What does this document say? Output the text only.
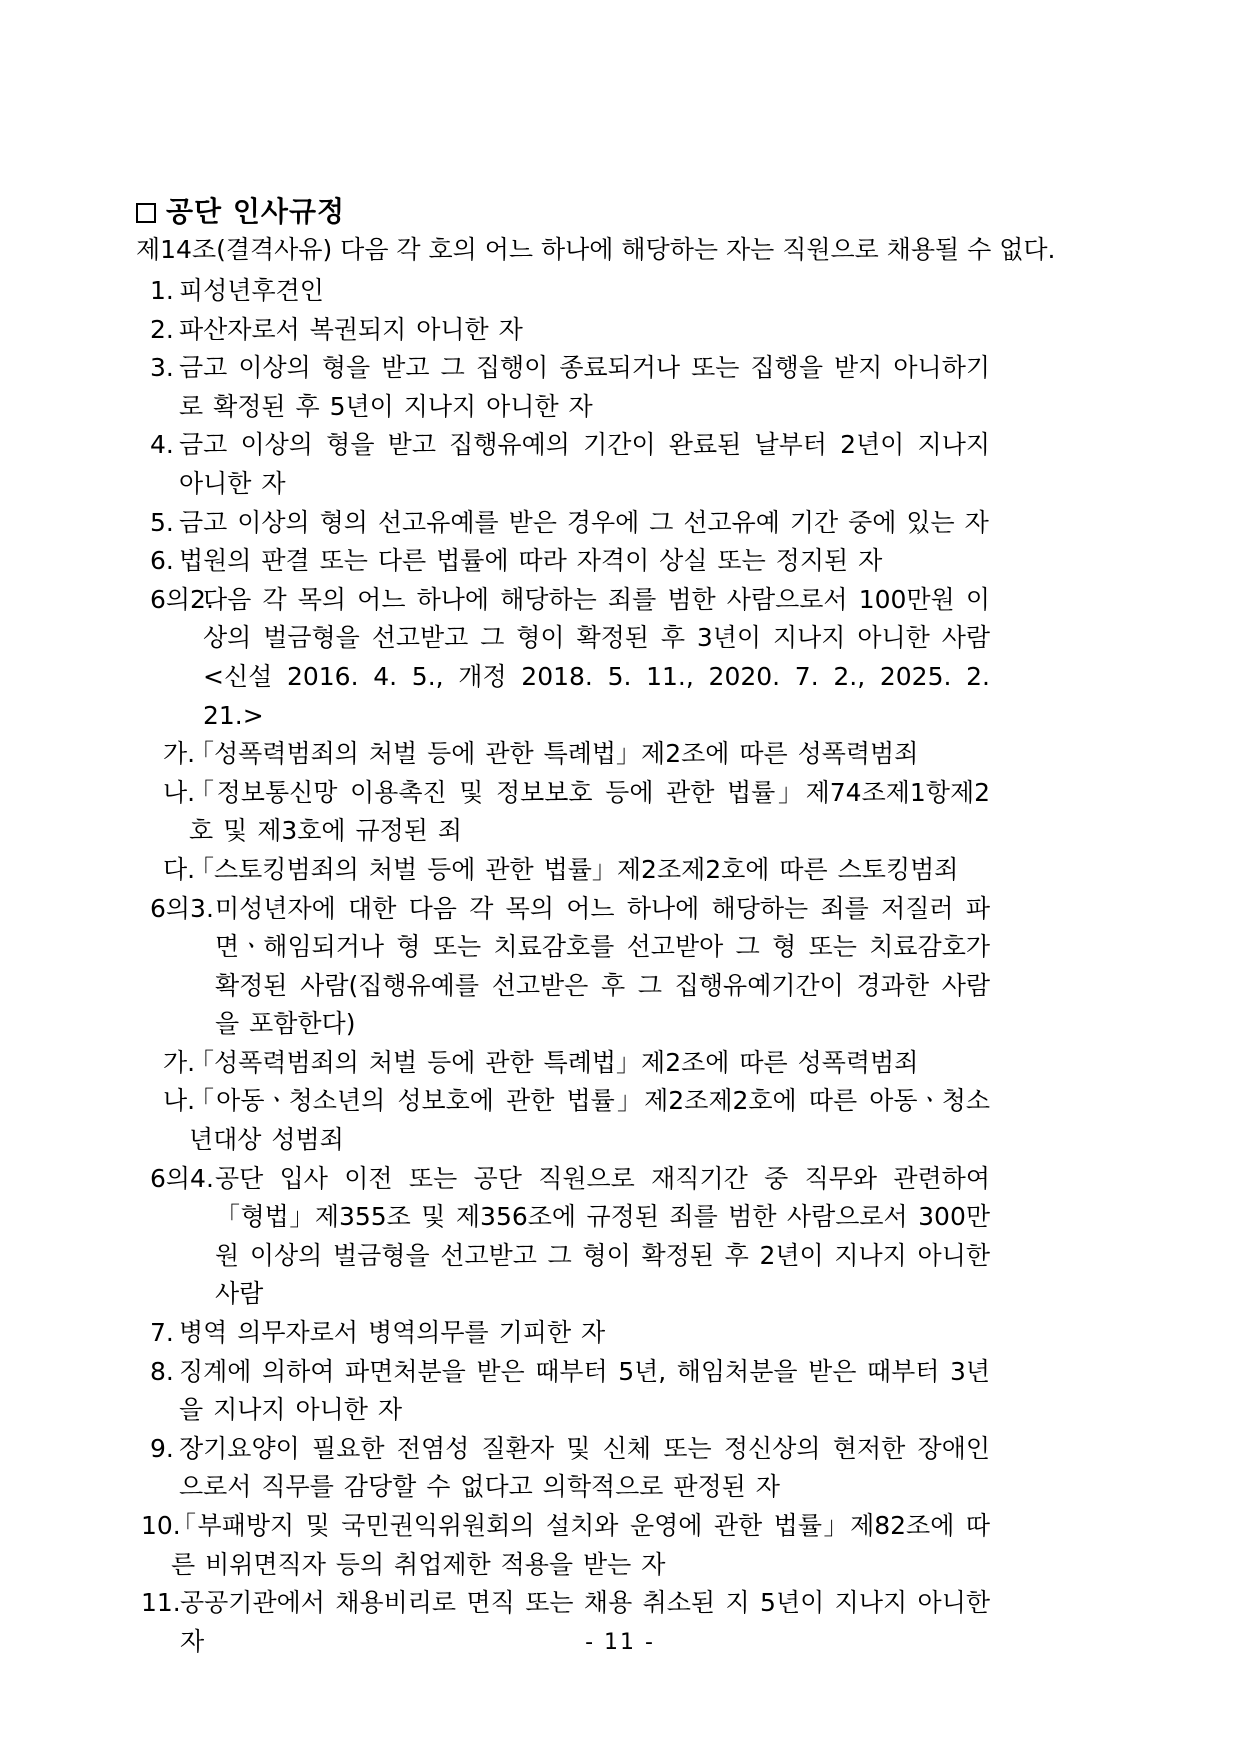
공단 인사규정
제14조(결격사유) 다음 각 호의 어느 하나에 해당하는 자는 직원으로 채용될 수 없다.
1. 피성년후견인
2. 파산자로서 복권되지 아니한 자
3. 금고 이상의 형을 받고 그 집행이 종료되거나 또는 집행을 받지 아니하기로 확정된 후 5년이 지나지 아니한 자
4. 금고 이상의 형을 받고 집행유예의 기간이 완료된 날부터 2년이 지나지 아니한 자
5. 금고 이상의 형의 선고유예를 받은 경우에 그 선고유예 기간 중에 있는 자
6. 법원의 판결 또는 다른 법률에 따라 자격이 상실 또는 정지된 자
6의2.
다음 각 목의 어느 하나에 해당하는 죄를 범한 사람으로서 100만원 이상의 벌금형을 선고받고 그 형이 확정된 후 3년이 지나지 아니한 사람 <신설 2016. 4. 5., 개정 2018. 5. 11., 2020. 7. 2., 2025. 2. 21.>
가.
「성폭력범죄의 처벌 등에 관한 특례법」제2조에 따른 성폭력범죄
나.
「정보통신망 이용촉진 및 정보보호 등에 관한 법률」제74조제1항제2호 및 제3호에 규정된 죄
다.
「스토킹범죄의 처벌 등에 관한 법률」제2조제2호에 따른 스토킹범죄
6의3. 미성년자에 대한 다음 각 목의 어느 하나에 해당하는 죄를 저질러 파면ㆍ해임되거나 형 또는 치료감호를 선고받아 그 형 또는 치료감호가 확정된 사람(집행유예를 선고받은 후 그 집행유예기간이 경과한 사람을 포함한다)
가.
「성폭력범죄의 처벌 등에 관한 특례법」제2조에 따른 성폭력범죄
나.
「아동ㆍ청소년의 성보호에 관한 법률」제2조제2호에 따른 아동ㆍ청소년대상 성범죄
6의4. 공단 입사 이전 또는 공단 직원으로 재직기간 중 직무와 관련하여 「형법」제355조 및 제356조에 규정된 죄를 범한 사람으로서 300만원 이상의 벌금형을 선고받고 그 형이 확정된 후 2년이 지나지 아니한 사람
7. 병역 의무자로서 병역의무를 기피한 자
8. 징계에 의하여 파면처분을 받은 때부터 5년, 해임처분을 받은 때부터 3년을 지나지 아니한 자
9. 장기요양이 필요한 전염성 질환자 및 신체 또는 정신상의 현저한 장애인으로서 직무를 감당할 수 없다고 의학적으로 판정된 자
10.
「부패방지 및 국민권익위원회의 설치와 운영에 관한 법률」제82조에 따른 비위면직자 등의 취업제한 적용을 받는 자
11. 공공기관에서 채용비리로 면직 또는 채용 취소된 지 5년이 지나지 아니한 자	- 11 -
